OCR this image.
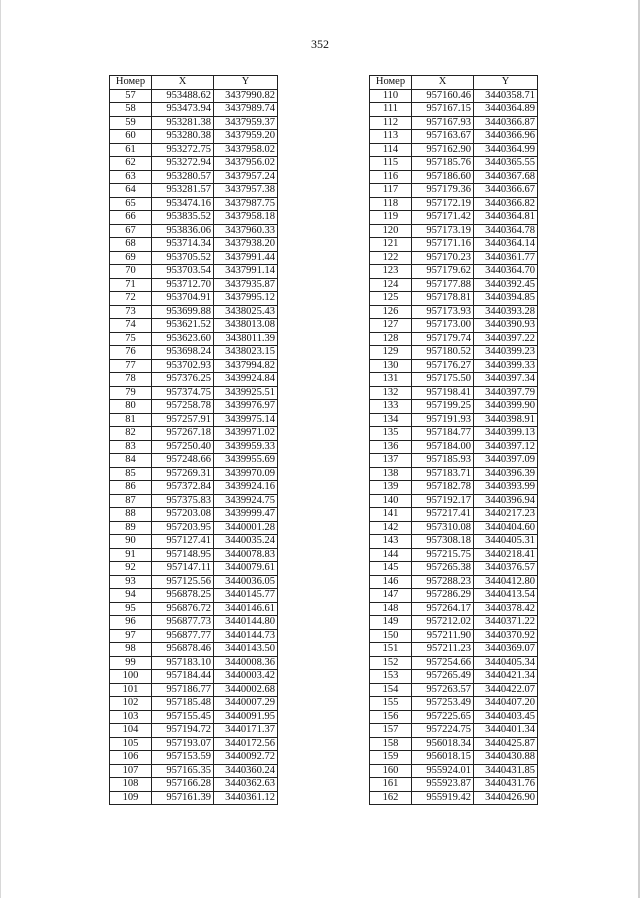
352
Номер	X	Y
57	953488.62	3437990.82
58	953473.94	3437989.74
59	953281.38	3437959.37
60	953280.38	3437959.20
61	953272.75	3437958.02
62	953272.94	3437956.02
63	953280.57	3437957.24
64	953281.57	3437957.38
65	953474.16	3437987.75
66	953835.52	3437958.18
67	953836.06	3437960.33
68	953714.34	3437938.20
69	953705.52	3437991.44
70	953703.54	3437991.14
71	953712.70	3437935.87
72	953704.91	3437995.12
73	953699.88	3438025.43
74	953621.52	3438013.08
75	953623.60	3438011.39
76	953698.24	3438023.15
77	953702.93	3437994.82
78	957376.25	3439924.84
79	957374.75	3439925.51
80	957258.78	3439976.97
81	957257.91	3439975.14
82	957267.18	3439971.02
83	957250.40	3439959.33
84	957248.66	3439955.69
85	957269.31	3439970.09
86	957372.84	3439924.16
87	957375.83	3439924.75
88	957203.08	3439999.47
89	957203.95	3440001.28
90	957127.41	3440035.24
91	957148.95	3440078.83
92	957147.11	3440079.61
93	957125.56	3440036.05
94	956878.25	3440145.77
95	956876.72	3440146.61
96	956877.73	3440144.80
97	956877.77	3440144.73
98	956878.46	3440143.50
99	957183.10	3440008.36
100	957184.44	3440003.42
101	957186.77	3440002.68
102	957185.48	3440007.29
103	957155.45	3440091.95
104	957194.72	3440171.37
105	957193.07	3440172.56
106	957153.59	3440092.72
107	957165.35	3440360.24
108	957166.28	3440362.63
109	957161.39	3440361.12
Номер	X	Y
110	957160.46	3440358.71
111	957167.15	3440364.89
112	957167.93	3440366.87
113	957163.67	3440366.96
114	957162.90	3440364.99
115	957185.76	3440365.55
116	957186.60	3440367.68
117	957179.36	3440366.67
118	957172.19	3440366.82
119	957171.42	3440364.81
120	957173.19	3440364.78
121	957171.16	3440364.14
122	957170.23	3440361.77
123	957179.62	3440364.70
124	957177.88	3440392.45
125	957178.81	3440394.85
126	957173.93	3440393.28
127	957173.00	3440390.93
128	957179.74	3440397.22
129	957180.52	3440399.23
130	957176.27	3440399.33
131	957175.50	3440397.34
132	957198.41	3440397.79
133	957199.25	3440399.90
134	957191.93	3440398.91
135	957184.77	3440399.13
136	957184.00	3440397.12
137	957185.93	3440397.09
138	957183.71	3440396.39
139	957182.78	3440393.99
140	957192.17	3440396.94
141	957217.41	3440217.23
142	957310.08	3440404.60
143	957308.18	3440405.31
144	957215.75	3440218.41
145	957265.38	3440376.57
146	957288.23	3440412.80
147	957286.29	3440413.54
148	957264.17	3440378.42
149	957212.02	3440371.22
150	957211.90	3440370.92
151	957211.23	3440369.07
152	957254.66	3440405.34
153	957265.49	3440421.34
154	957263.57	3440422.07
155	957253.49	3440407.20
156	957225.65	3440403.45
157	957224.75	3440401.34
158	956018.34	3440425.87
159	956018.15	3440430.88
160	955924.01	3440431.85
161	955923.87	3440431.76
162	955919.42	3440426.90
